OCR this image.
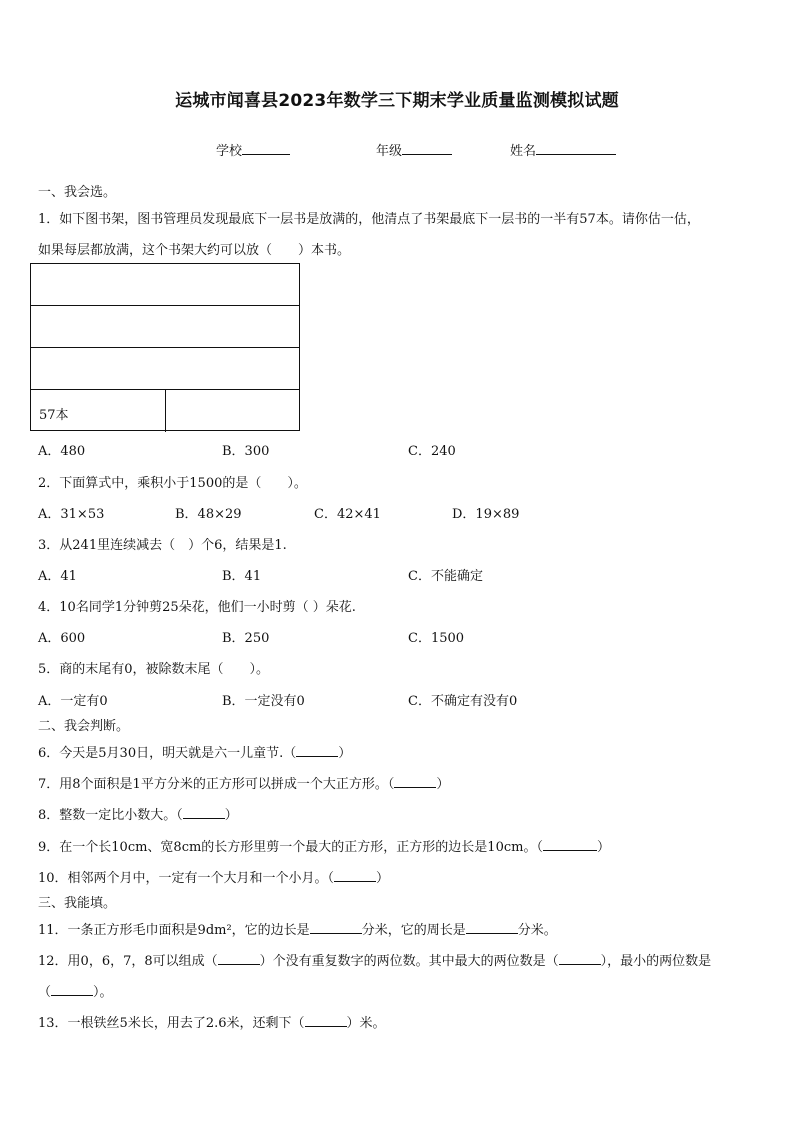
运城市闻喜县2023年数学三下期末学业质量监测模拟试题
学校	年级	姓名
一、我会选。
1．如下图书架，图书管理员发现最底下一层书是放满的，他清点了书架最底下一层书的一半有57本。请你估一估，
如果每层都放满，这个书架大约可以放（　　）本书。
57本
A．480	B．300	C．240
2．下面算式中，乘积小于1500的是（　　）。
A．31×53	B．48×29	C．42×41	D．19×89
3．从241里连续减去（　）个6，结果是1.
A．41	B．41	C．不能确定
4．10名同学1分钟剪25朵花，他们一小时剪（ ）朵花.
A．600	B．250	C．1500
5．商的末尾有0，被除数末尾（　　）。
A．一定有0	B．一定没有0	C．不确定有没有0
二、我会判断。
6．今天是5月30日，明天就是六一儿童节.（	）
7．用8个面积是1平方分米的正方形可以拼成一个大正方形。（	）
8．整数一定比小数大。（	）
9．在一个长10cm、宽8cm的长方形里剪一个最大的正方形，正方形的边长是10cm。（	）
10．相邻两个月中，一定有一个大月和一个小月。（	）
三、我能填。
11．一条正方形毛巾面积是9dm²，它的边长是	分米，它的周长是	分米。
12．用0，6，7，8可以组成（	）个没有重复数字的两位数。其中最大的两位数是（	），最小的两位数是
（	）。
13．一根铁丝5米长，用去了2.6米，还剩下（	）米。
